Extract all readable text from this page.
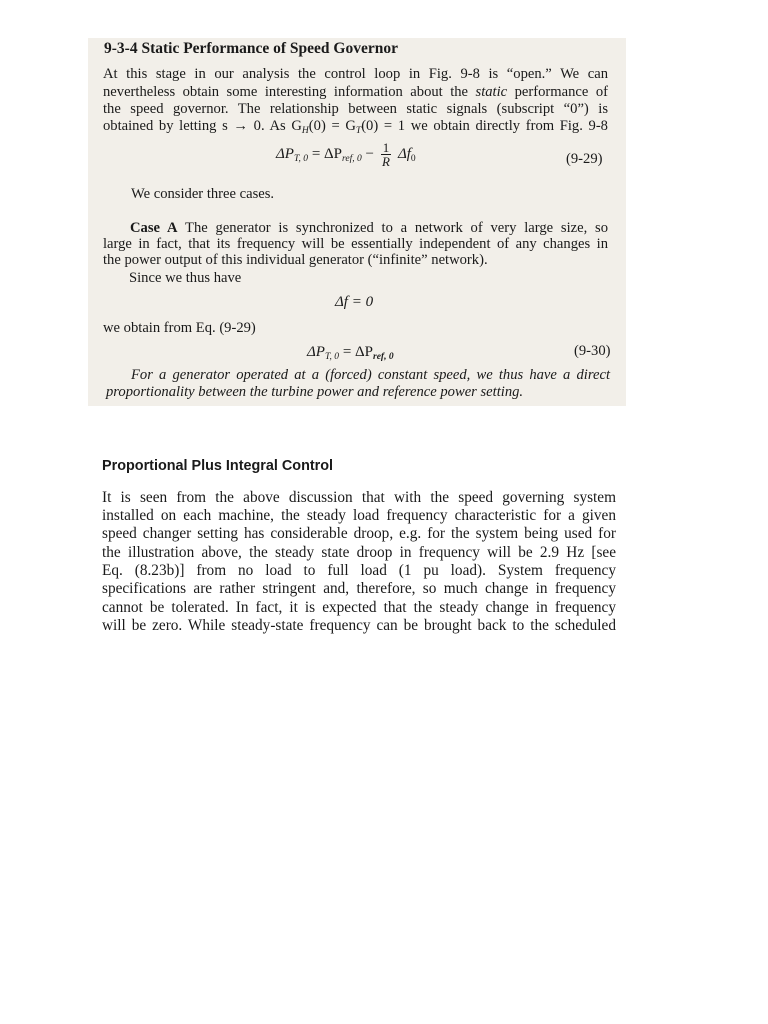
9-3-4 Static Performance of Speed Governor
At this stage in our analysis the control loop in Fig. 9-8 is “open.” We can
nevertheless obtain some interesting information about the static performance of
the speed governor. The relationship between static signals (subscript “0”) is
obtained by letting s → 0. As $G_H(0) = G_T(0) = 1$ we obtain directly from Fig. 9-8
$\Delta P_{T, 0} = \Delta P_{ref, 0} - \frac{1}{R} \Delta f_0$	(9-29)
We consider three cases.
Case A The generator is synchronized to a network of very large size, so
large in fact, that its frequency will be essentially independent of any changes in
the power output of this individual generator (“infinite” network).
Since we thus have
Δf = 0
we obtain from Eq. (9-29)
$\Delta P_{T, 0} = \Delta P_{ref, 0}$	(9-30)
For a generator operated at a (forced) constant speed, we thus have a direct
proportionality between the turbine power and reference power setting.
Proportional Plus Integral Control
It is seen from the above discussion that with the speed governing system
installed on each machine, the steady load frequency characteristic for a given
speed changer setting has considerable droop, e.g. for the system being used for
the illustration above, the steady state droop in frequency will be 2.9 Hz [see
Eq. (8.23b)] from no load to full load (1 pu load). System frequency
specifications are rather stringent and, therefore, so much change in frequency
cannot be tolerated. In fact, it is expected that the steady change in frequency
will be zero. While steady-state frequency can be brought back to the scheduled
